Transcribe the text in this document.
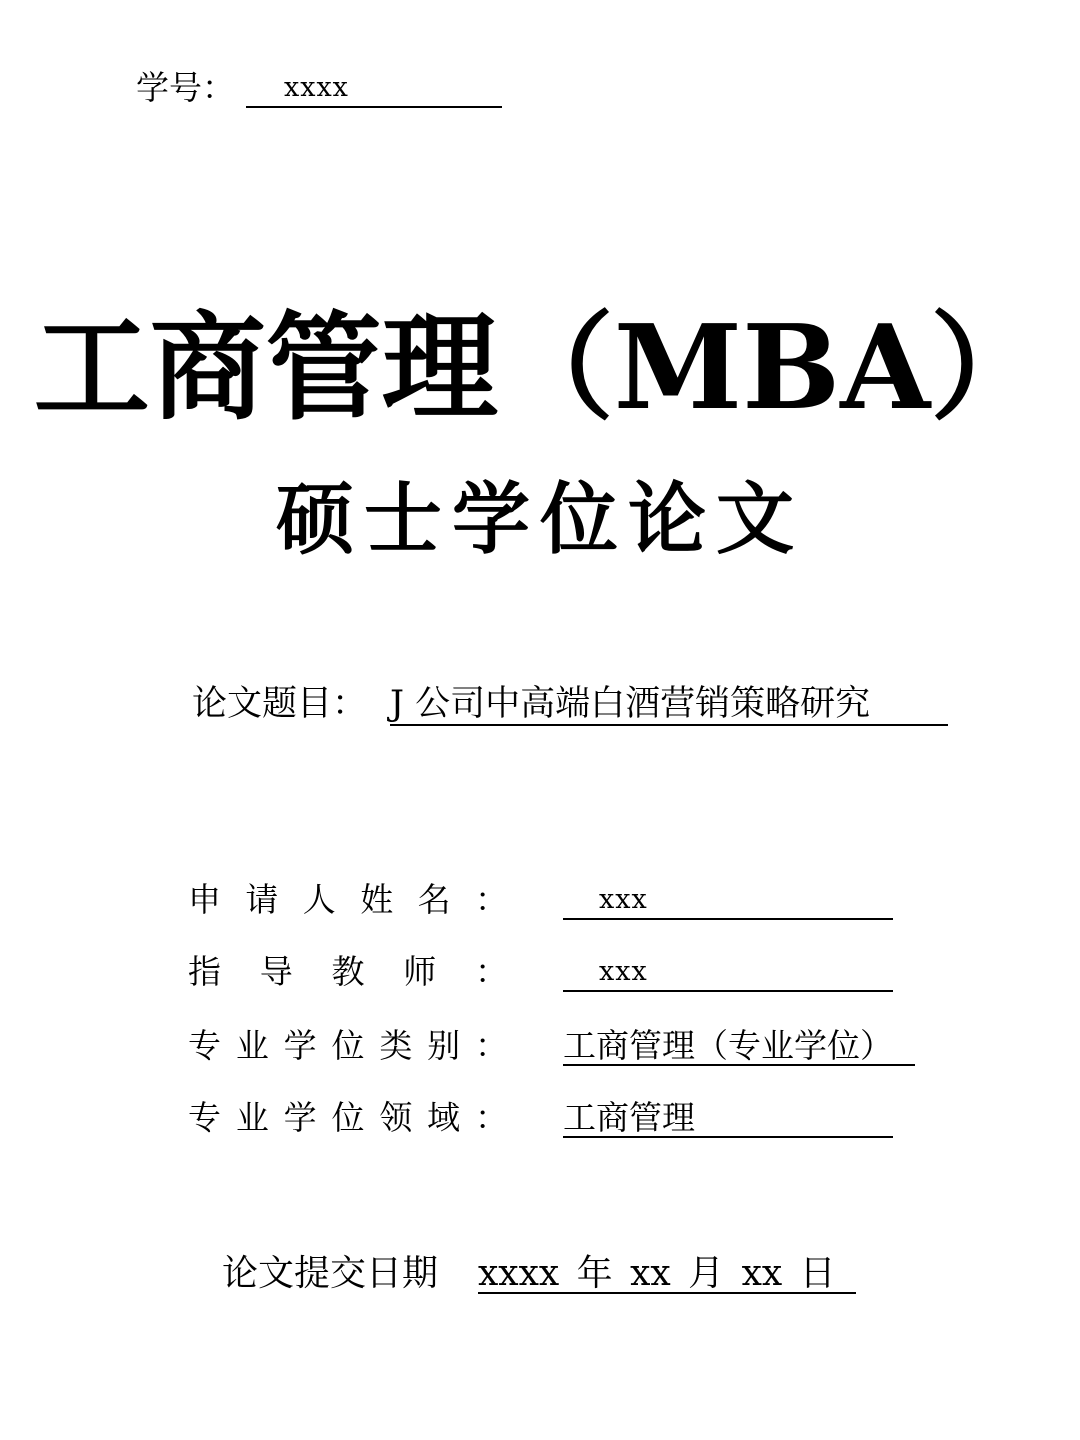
学号：	xxxx
工商管理（MBA）
硕士学位论文
论文题目： J 公司中高端白酒营销策略研究
申请人姓名：	xxx
指导教师：	xxx
专业学位类别： 工商管理（专业学位）
专业学位领域： 工商管理
论文提交日期 xxxx 年 xx 月 xx 日
